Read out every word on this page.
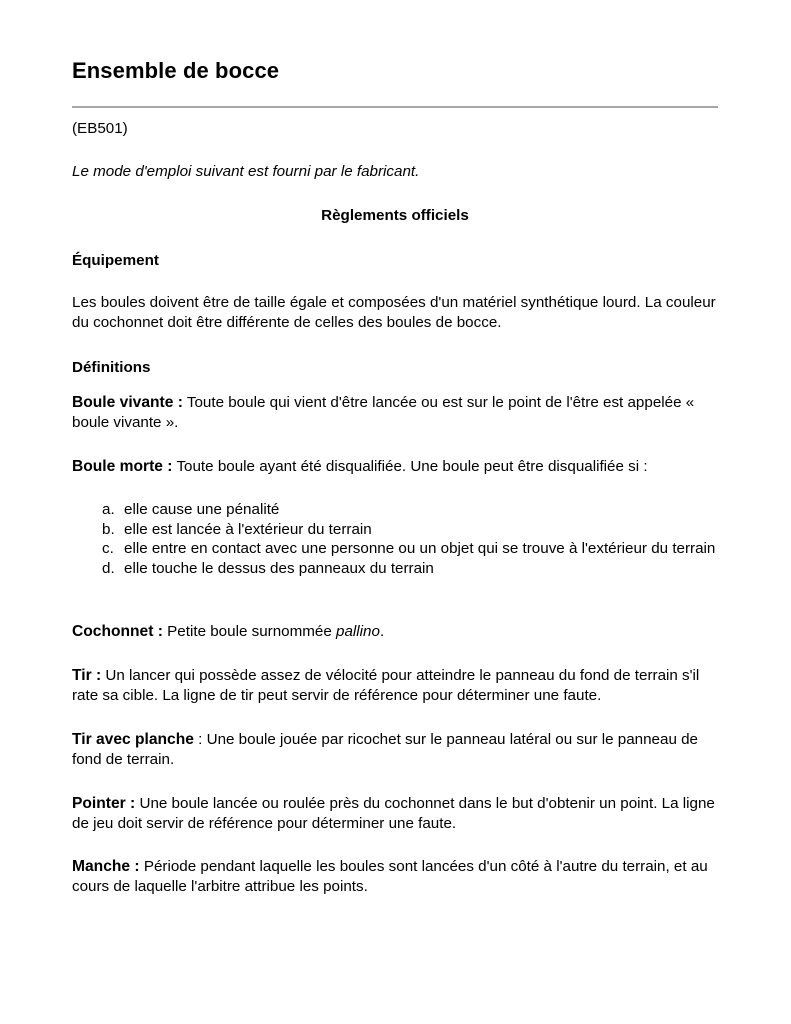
Ensemble de bocce

(EB501)

Le mode d'emploi suivant est fourni par le fabricant.

Règlements officiels

Équipement

Les boules doivent être de taille égale et composées d'un matériel synthétique lourd. La couleur du cochonnet doit être différente de celles des boules de bocce.

Définitions

Boule vivante : Toute boule qui vient d'être lancée ou est sur le point de l'être est appelée « boule vivante ».

Boule morte : Toute boule ayant été disqualifiée. Une boule peut être disqualifiée si :

a. elle cause une pénalité
b. elle est lancée à l'extérieur du terrain
c. elle entre en contact avec une personne ou un objet qui se trouve à l'extérieur du terrain
d. elle touche le dessus des panneaux du terrain

Cochonnet : Petite boule surnommée pallino.

Tir : Un lancer qui possède assez de vélocité pour atteindre le panneau du fond de terrain s'il rate sa cible. La ligne de tir peut servir de référence pour déterminer une faute.

Tir avec planche : Une boule jouée par ricochet sur le panneau latéral ou sur le panneau de fond de terrain.

Pointer : Une boule lancée ou roulée près du cochonnet dans le but d'obtenir un point. La ligne de jeu doit servir de référence pour déterminer une faute.

Manche : Période pendant laquelle les boules sont lancées d'un côté à l'autre du terrain, et au cours de laquelle l'arbitre attribue les points.
